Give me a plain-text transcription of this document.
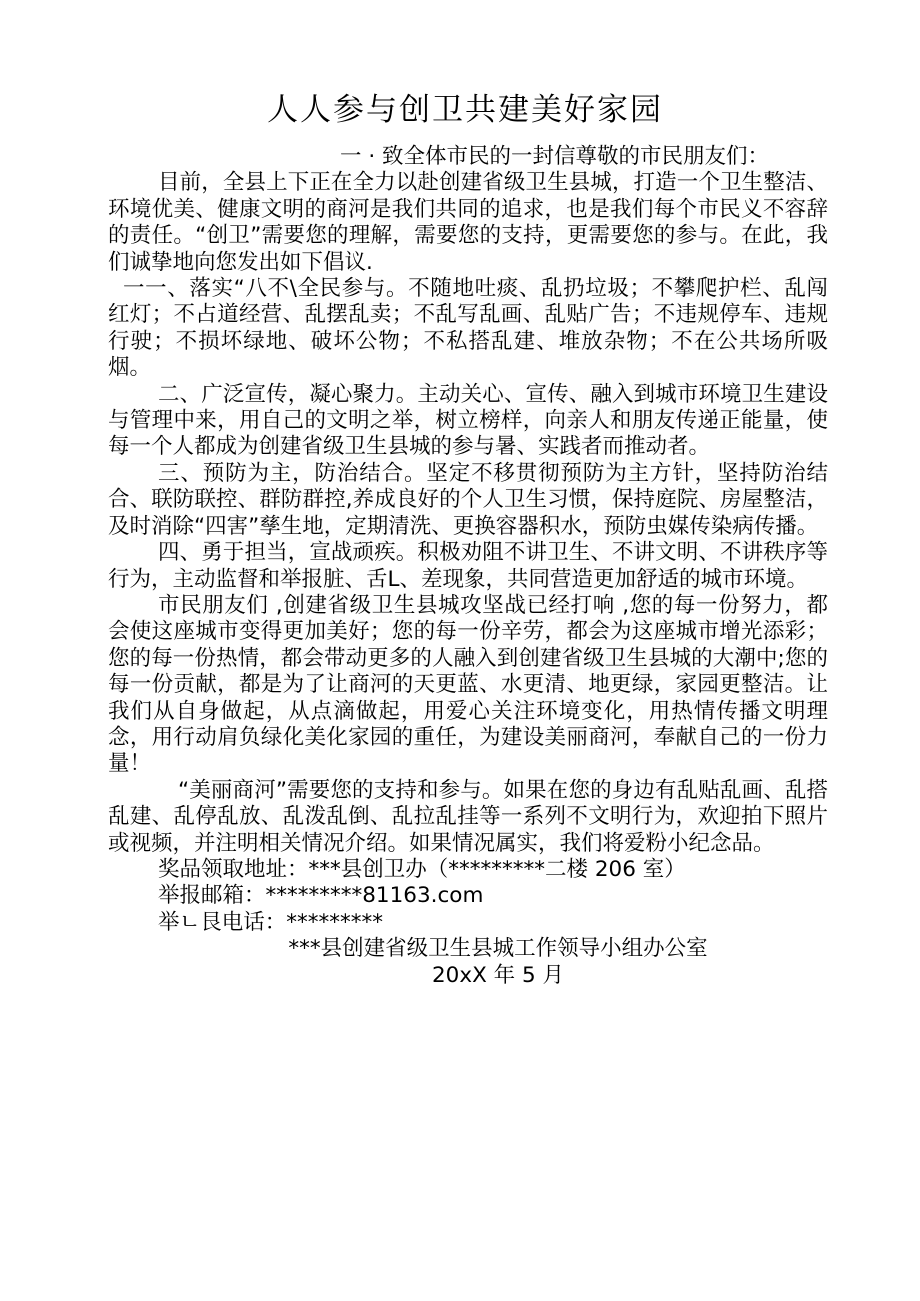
人人参与创卫共建美好家园

一 · 致全体市民的一封信尊敬的市民朋友们：

目前，全县上下正在全力以赴创建省级卫生县城，打造一个卫生整洁、环境优美、健康文明的商河是我们共同的追求，也是我们每个市民义不容辞的责任。“创卫”需要您的理解，需要您的支持，更需要您的参与。在此，我们诚挚地向您发出如下倡议.

一一、落实“八不\全民参与。不随地吐痰、乱扔垃圾；不攀爬护栏、乱闯红灯；不占道经营、乱摆乱卖；不乱写乱画、乱贴广告；不违规停车、违规行驶；不损坏绿地、破坏公物；不私搭乱建、堆放杂物；不在公共场所吸烟。

二、广泛宣传，凝心聚力。主动关心、宣传、融入到城市环境卫生建设与管理中来，用自己的文明之举，树立榜样，向亲人和朋友传递正能量，使每一个人都成为创建省级卫生县城的参与暑、实践者而推动者。

三、预防为主，防治结合。坚定不移贯彻预防为主方针，坚持防治结合、联防联控、群防群控,养成良好的个人卫生习惯，保持庭院、房屋整洁，及时消除“四害”孳生地，定期清洗、更换容器积水，预防虫媒传染病传播。

四、勇于担当，宣战顽疾。积极劝阻不讲卫生、不讲文明、不讲秩序等行为，主动监督和举报脏、舌L、差现象，共同营造更加舒适的城市环境。

市民朋友们 ,创建省级卫生县城攻坚战已经打响 ,您的每一份努力，都会使这座城市变得更加美好；您的每一份辛劳，都会为这座城市增光添彩；您的每一份热情，都会带动更多的人融入到创建省级卫生县城的大潮中;您的每一份贡献，都是为了让商河的天更蓝、水更清、地更绿，家园更整洁。让我们从自身做起，从点滴做起，用爱心关注环境变化，用热情传播文明理念，用行动肩负绿化美化家园的重任，为建设美丽商河，奉献自己的一份力量！

“美丽商河”需要您的支持和参与。如果在您的身边有乱贴乱画、乱搭乱建、乱停乱放、乱泼乱倒、乱拉乱挂等一系列不文明行为，欢迎拍下照片或视频，并注明相关情况介绍。如果情况属实，我们将爱粉小纪念品。

奖品领取地址：***县创卫办（*********二楼 206 室）

举报邮箱：*********81163.com

举ㄴ艮电话：*********

***县创建省级卫生县城工作领导小组办公室

20xX 年 5 月
